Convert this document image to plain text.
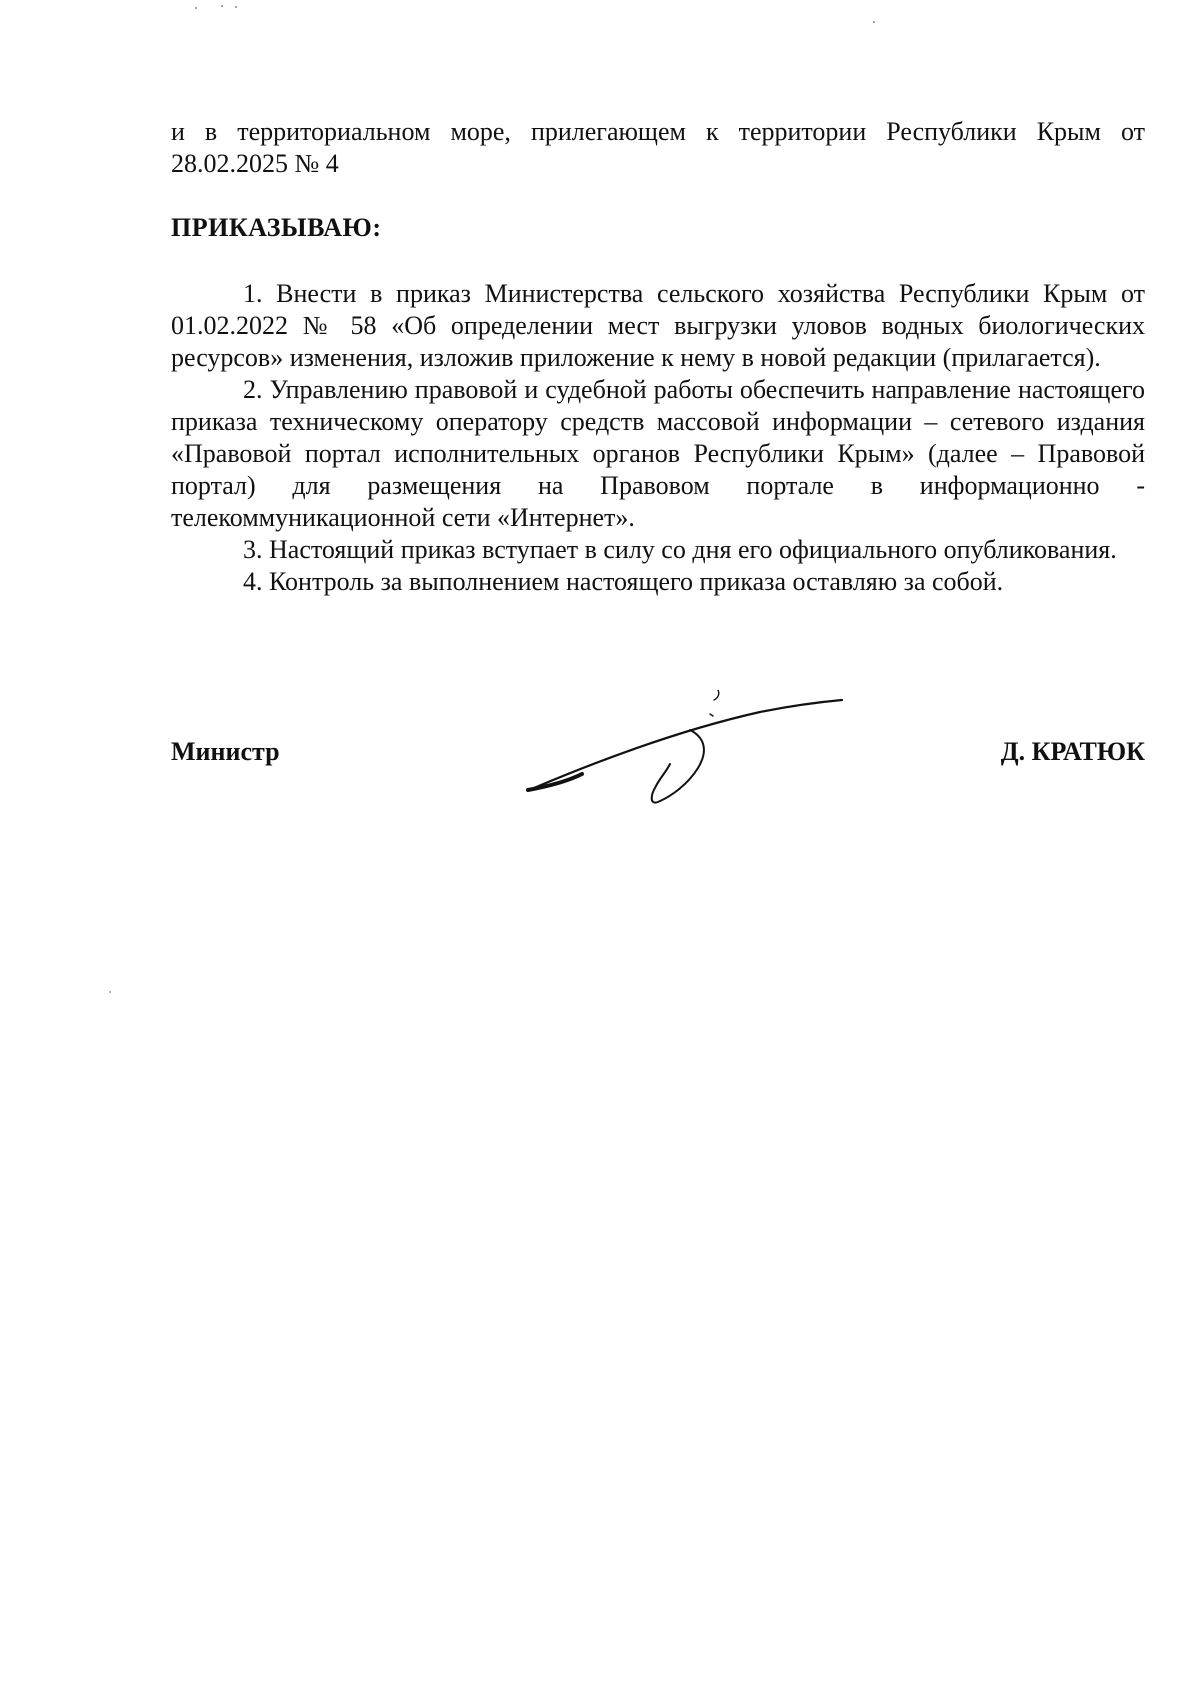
и в территориальном море, прилегающем к территории Республики Крым от 28.02.2025 № 4
ПРИКАЗЫВАЮ:

1. Внести в приказ Министерства сельского хозяйства Республики Крым от 01.02.2022 № 58 «Об определении мест выгрузки уловов водных биологических ресурсов» изменения, изложив приложение к нему в новой редакции (прилагается).

2. Управлению правовой и судебной работы обеспечить направление настоящего приказа техническому оператору средств массовой информации – сетевого издания «Правовой портал исполнительных органов Республики Крым» (далее – Правовой портал) для размещения на Правовом портале в информационно - телекоммуникационной сети «Интернет».

3. Настоящий приказ вступает в силу со дня его официального опубликования.

4. Контроль за выполнением настоящего приказа оставляю за собой.

Министр	Д. КРАТЮК
